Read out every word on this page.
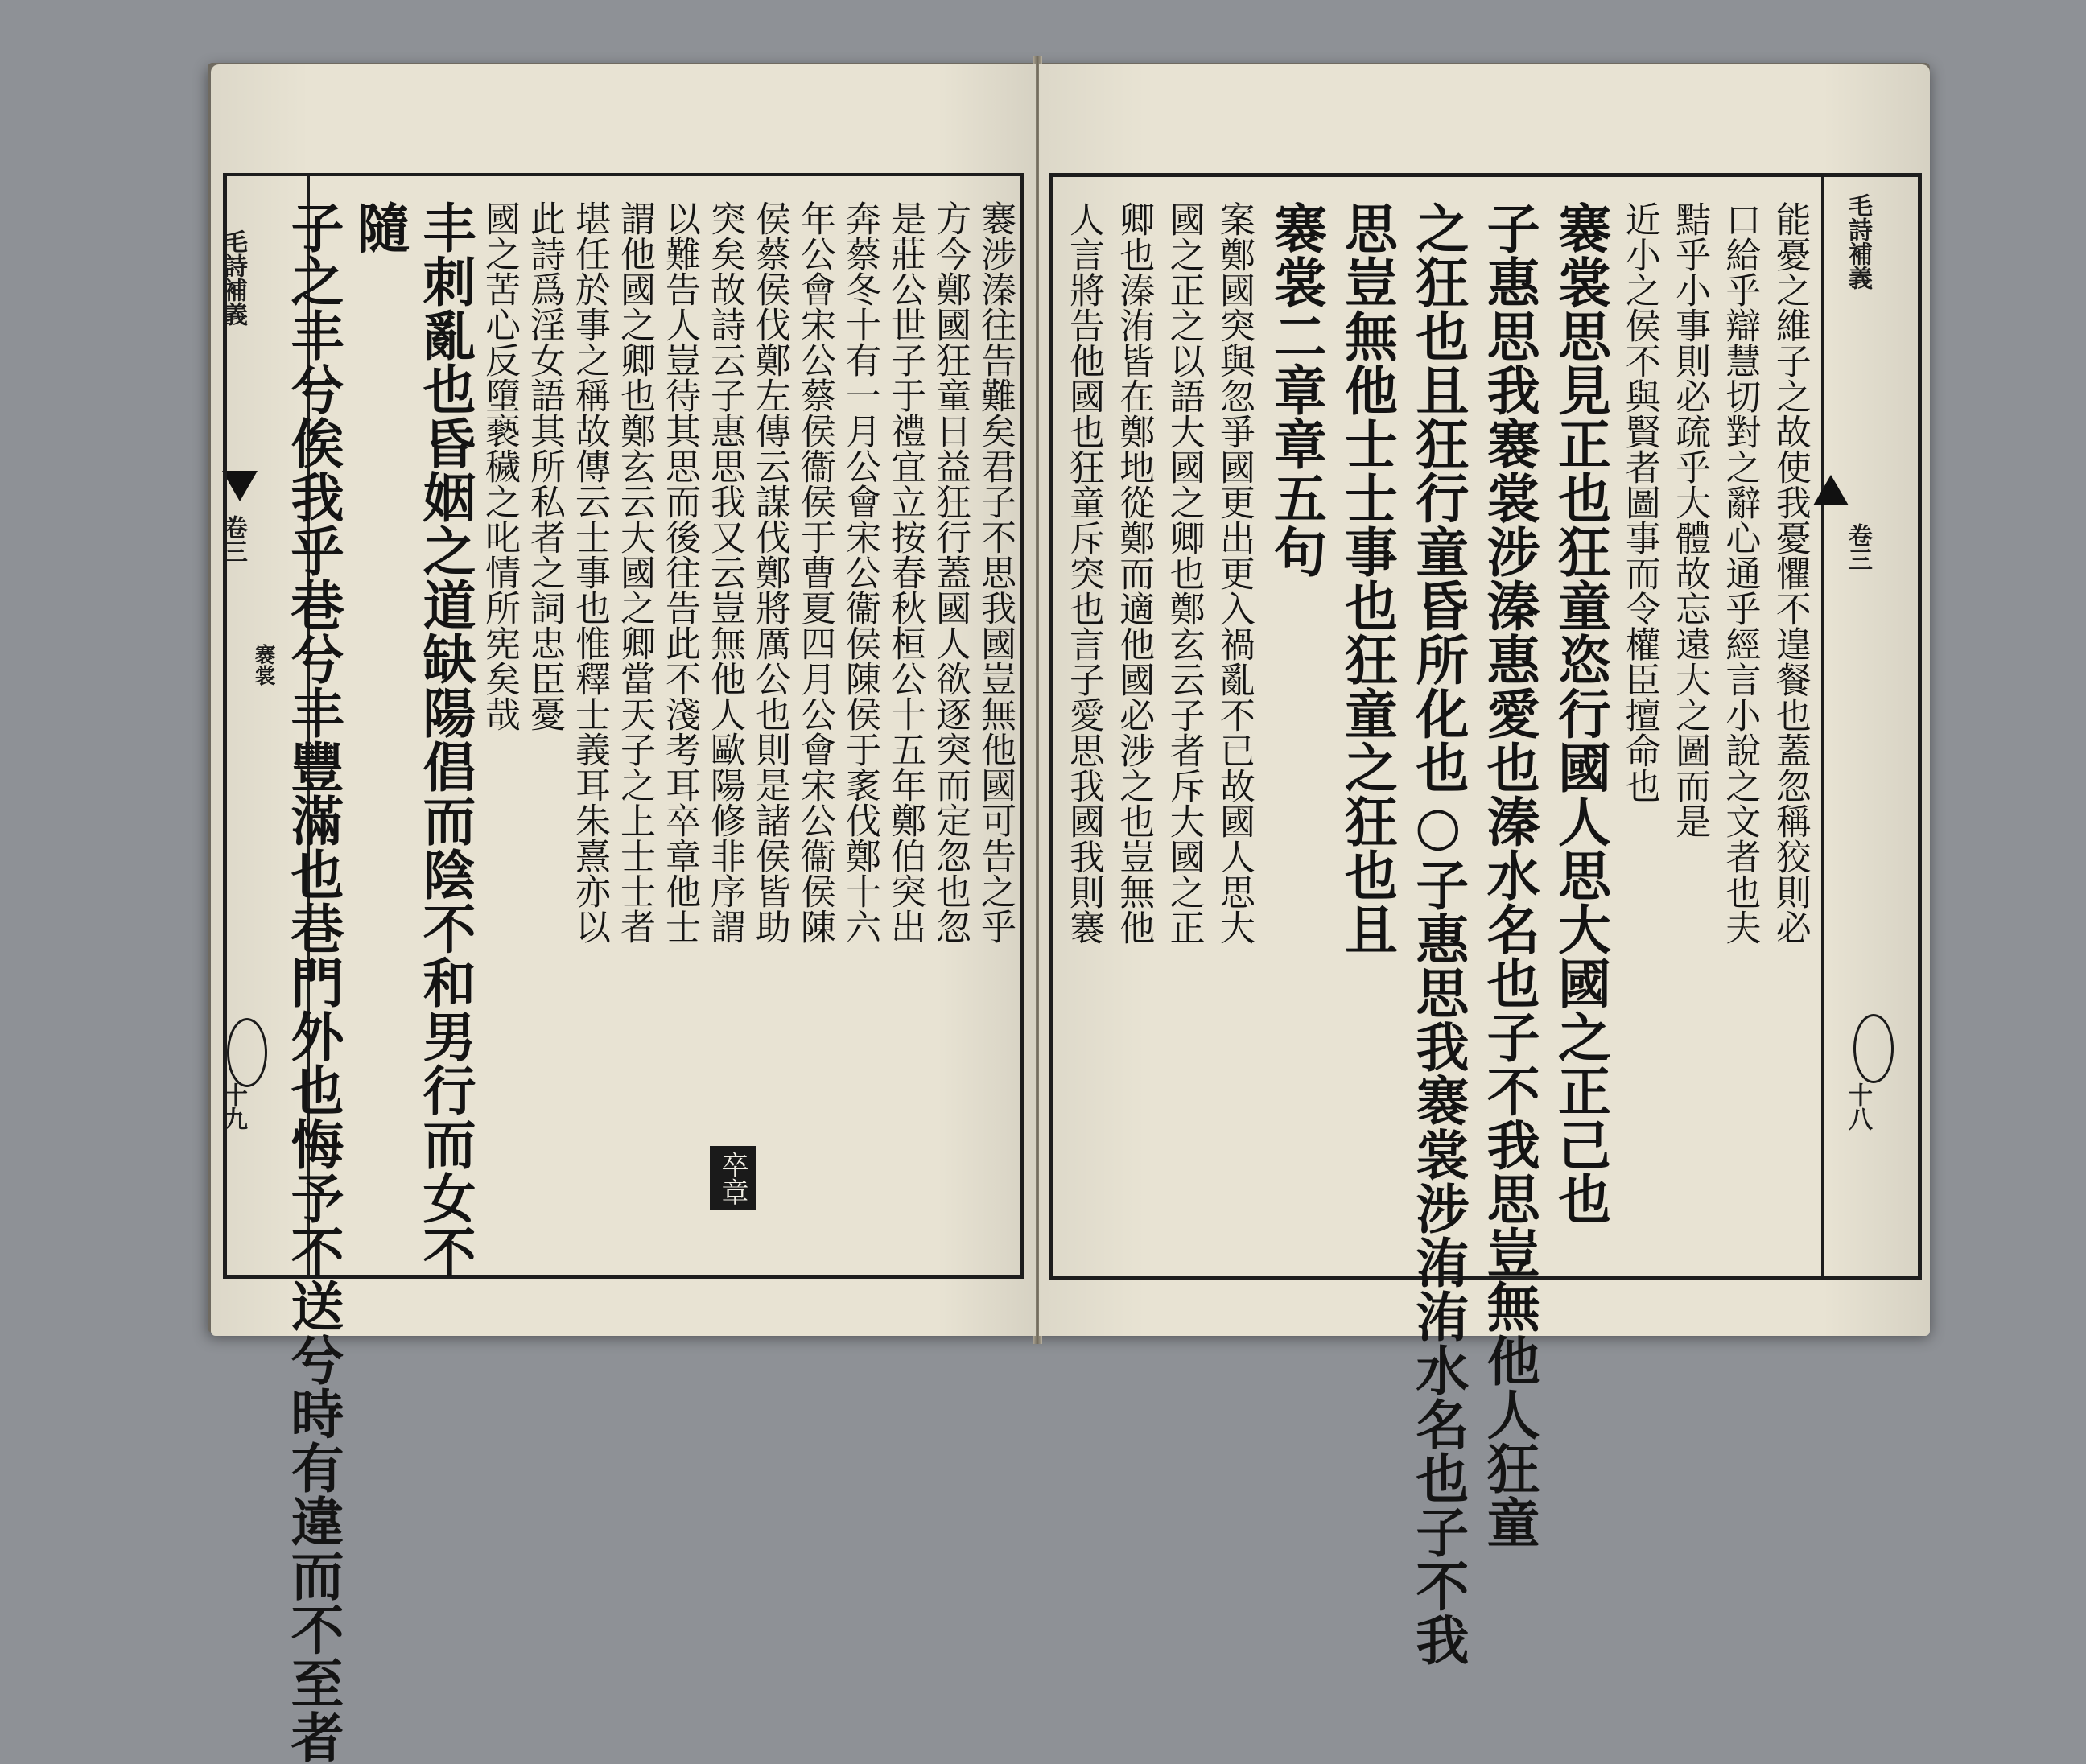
毛詩補義
卷三
褰裳
十九
褰涉溱往告難矣君子不思我國豈無他國可告之乎
方今鄭國狂童日益狂行蓋國人欲逐突而定忽也忽
是莊公世子于禮宜立按春秋桓公十五年鄭伯突出
奔蔡冬十有一月公會宋公衞侯陳侯于袲伐鄭十六
年公會宋公蔡侯衞侯于曹夏四月公會宋公衞侯陳
侯蔡侯伐鄭左傳云謀伐鄭將厲公也則是諸侯皆助
突矣故詩云子惠思我又云豈無他人歐陽修非序謂
以難告人豈待其思而後往告此不淺考耳卒章他士
謂他國之卿也鄭玄云大國之卿當天子之上士士者
堪任於事之稱故傳云士事也惟釋士義耳朱熹亦以
此詩爲淫女語其所私者之詞忠臣憂
國之苦心反墮褻穢之叱情所宪矣哉
丰刺亂也昏姻之道缺陽倡而陰不和男行而女不
隨
子之丰兮俟我乎巷兮丰豐滿也巷門外也悔予不送兮時有違而不至者	卒章
能憂之維子之故使我憂懼不遑餐也蓋忽稱狡則必
口給乎辯慧切對之辭心通乎經言小說之文者也夫
黠乎小事則必疏乎大體故忘遠大之圖而是
近小之侯不與賢者圖事而令權臣擅命也
褰裳思見正也狂童恣行國人思大國之正己也
子惠思我褰裳涉溱惠愛也溱水名也子不我思豈無他人狂童
之狂也且狂行童昏所化也○子惠思我褰裳涉洧洧水名也子不我
思豈無他士士事也狂童之狂也且
褰裳二章章五句
案鄭國突與忽爭國更出更入禍亂不已故國人思大
國之正之以語大國之卿也鄭玄云子者斥大國之正
卿也溱洧皆在鄭地從鄭而適他國必涉之也豈無他
人言將告他國也狂童斥突也言子愛思我國我則褰	毛詩補義
卷三
十八
